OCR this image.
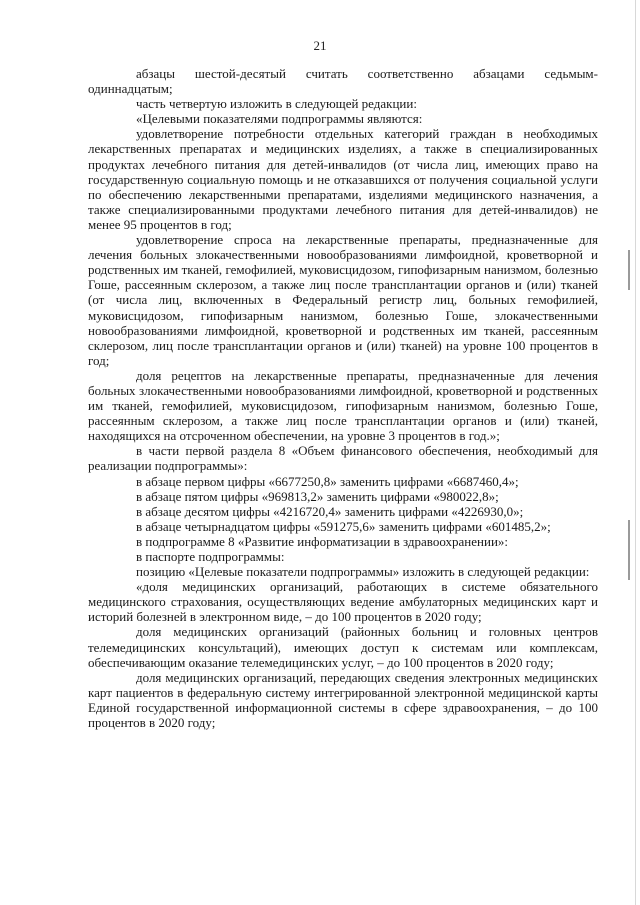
21

абзацы шестой-десятый считать соответственно абзацами седьмым-одиннадцатым;

часть четвертую изложить в следующей редакции:

«Целевыми показателями подпрограммы являются:

удовлетворение потребности отдельных категорий граждан в необходимых лекарственных препаратах и медицинских изделиях, а также в специализированных продуктах лечебного питания для детей-инвалидов (от числа лиц, имеющих право на государственную социальную помощь и не отказавшихся от получения социальной услуги по обеспечению лекарственными препаратами, изделиями медицинского назначения, а также специализированными продуктами лечебного питания для детей-инвалидов) не менее 95 процентов в год;

удовлетворение спроса на лекарственные препараты, предназначенные для лечения больных злокачественными новообразованиями лимфоидной, кроветворной и родственных им тканей, гемофилией, муковисцидозом, гипофизарным нанизмом, болезнью Гоше, рассеянным склерозом, а также лиц после трансплантации органов и (или) тканей (от числа лиц, включенных в Федеральный регистр лиц, больных гемофилией, муковисцидозом, гипофизарным нанизмом, болезнью Гоше, злокачественными новообразованиями лимфоидной, кроветворной и родственных им тканей, рассеянным склерозом, лиц после трансплантации органов и (или) тканей) на уровне 100 процентов в год;

доля рецептов на лекарственные препараты, предназначенные для лечения больных злокачественными новообразованиями лимфоидной, кроветворной и родственных им тканей, гемофилией, муковисцидозом, гипофизарным нанизмом, болезнью Гоше, рассеянным склерозом, а также лиц после трансплантации органов и (или) тканей, находящихся на отсроченном обеспечении, на уровне 3 процентов в год.»;

в части первой раздела 8 «Объем финансового обеспечения, необходимый для реализации подпрограммы»:

в абзаце первом цифры «6677250,8» заменить цифрами «6687460,4»;

в абзаце пятом цифры «969813,2» заменить цифрами «980022,8»;

в абзаце десятом цифры «4216720,4» заменить цифрами «4226930,0»;

в абзаце четырнадцатом цифры «591275,6» заменить цифрами «601485,2»;

в подпрограмме 8 «Развитие информатизации в здравоохранении»:

в паспорте подпрограммы:

позицию «Целевые показатели подпрограммы» изложить в следующей редакции:

«доля медицинских организаций, работающих в системе обязательного медицинского страхования, осуществляющих ведение амбулаторных медицинских карт и историй болезней в электронном виде, – до 100 процентов в 2020 году;

доля медицинских организаций (районных больниц и головных центров телемедицинских консультаций), имеющих доступ к системам или комплексам, обеспечивающим оказание телемедицинских услуг, – до 100 процентов в 2020 году;

доля медицинских организаций, передающих сведения электронных медицинских карт пациентов в федеральную систему интегрированной электронной медицинской карты Единой государственной информационной системы в сфере здравоохранения, – до 100 процентов в 2020 году;
